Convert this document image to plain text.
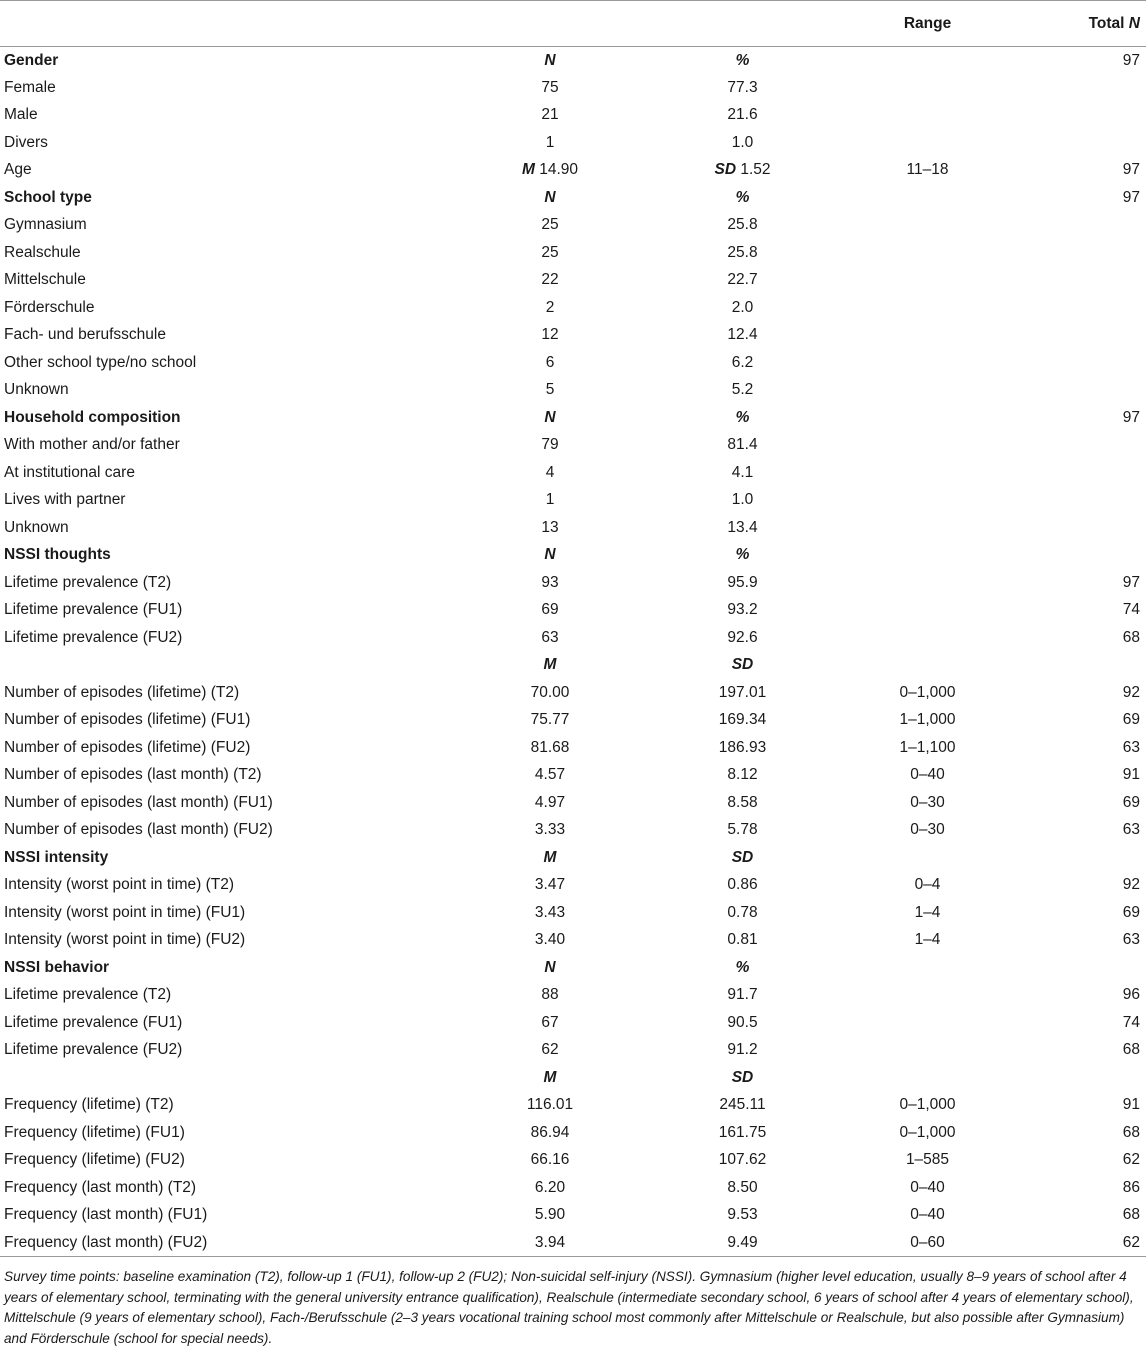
			Range	Total N
Gender	N	%		97
Female	75	77.3		
Male	21	21.6		
Divers	1	1.0		
Age	M 14.90	SD 1.52	11–18	97
School type	N	%		97
Gymnasium	25	25.8		
Realschule	25	25.8		
Mittelschule	22	22.7		
Förderschule	2	2.0		
Fach- und berufsschule	12	12.4		
Other school type/no school	6	6.2		
Unknown	5	5.2		
Household composition	N	%		97
With mother and/or father	79	81.4		
At institutional care	4	4.1		
Lives with partner	1	1.0		
Unknown	13	13.4		
NSSI thoughts	N	%		
Lifetime prevalence (T2)	93	95.9		97
Lifetime prevalence (FU1)	69	93.2		74
Lifetime prevalence (FU2)	63	92.6		68
	M	SD		
Number of episodes (lifetime) (T2)	70.00	197.01	0–1,000	92
Number of episodes (lifetime) (FU1)	75.77	169.34	1–1,000	69
Number of episodes (lifetime) (FU2)	81.68	186.93	1–1,100	63
Number of episodes (last month) (T2)	4.57	8.12	0–40	91
Number of episodes (last month) (FU1)	4.97	8.58	0–30	69
Number of episodes (last month) (FU2)	3.33	5.78	0–30	63
NSSI intensity	M	SD		
Intensity (worst point in time) (T2)	3.47	0.86	0–4	92
Intensity (worst point in time) (FU1)	3.43	0.78	1–4	69
Intensity (worst point in time) (FU2)	3.40	0.81	1–4	63
NSSI behavior	N	%		
Lifetime prevalence (T2)	88	91.7		96
Lifetime prevalence (FU1)	67	90.5		74
Lifetime prevalence (FU2)	62	91.2		68
	M	SD		
Frequency (lifetime) (T2)	116.01	245.11	0–1,000	91
Frequency (lifetime) (FU1)	86.94	161.75	0–1,000	68
Frequency (lifetime) (FU2)	66.16	107.62	1–585	62
Frequency (last month) (T2)	6.20	8.50	0–40	86
Frequency (last month) (FU1)	5.90	9.53	0–40	68
Frequency (last month) (FU2)	3.94	9.49	0–60	62
Survey time points: baseline examination (T2), follow-up 1 (FU1), follow-up 2 (FU2); Non-suicidal self-injury (NSSI). Gymnasium (higher level education, usually 8–9 years of school after 4 years of elementary school, terminating with the general university entrance qualification), Realschule (intermediate secondary school, 6 years of school after 4 years of elementary school), Mittelschule (9 years of elementary school), Fach-/Berufsschule (2–3 years vocational training school most commonly after Mittelschule or Realschule, but also possible after Gymnasium) and Förderschule (school for special needs).
